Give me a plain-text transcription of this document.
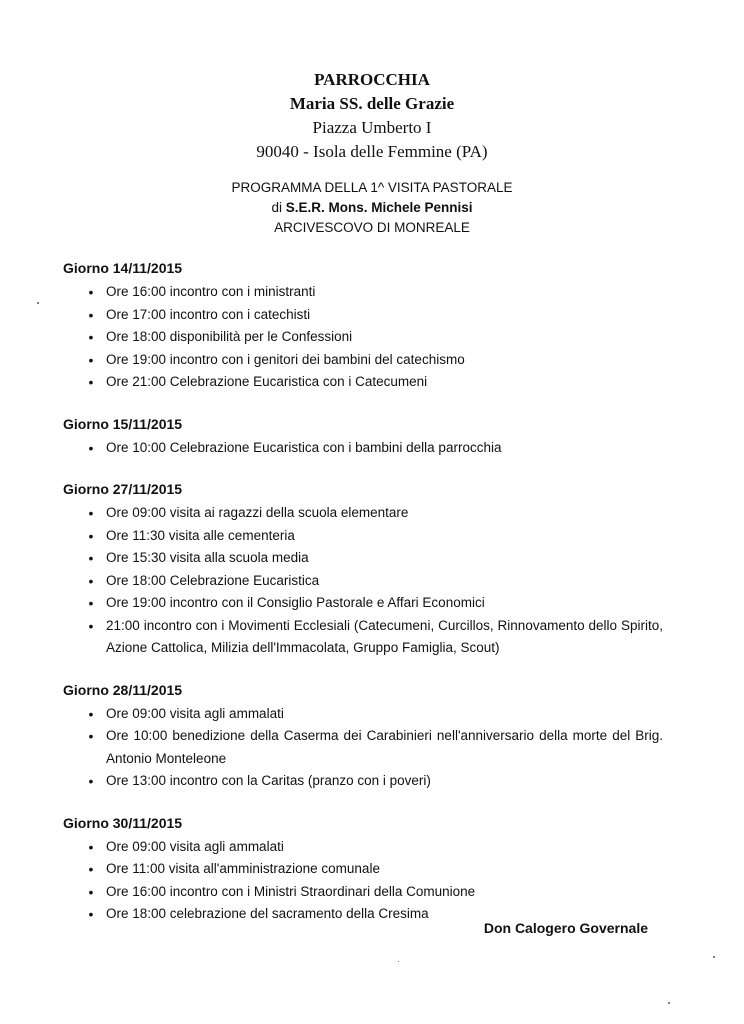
PARROCCHIA
Maria SS. delle Grazie
Piazza Umberto I
90040 - Isola delle Femmine (PA)
PROGRAMMA DELLA 1^ VISITA PASTORALE
di S.E.R. Mons. Michele Pennisi
ARCIVESCOVO DI MONREALE
Giorno 14/11/2015
• Ore 16:00 incontro con i ministranti
• Ore 17:00 incontro con i catechisti
• Ore 18:00 disponibilità per le Confessioni
• Ore 19:00 incontro con i genitori dei bambini del catechismo
• Ore 21:00 Celebrazione Eucaristica con i Catecumeni
Giorno 15/11/2015
• Ore 10:00 Celebrazione Eucaristica con i bambini della parrocchia
Giorno 27/11/2015
• Ore 09:00 visita ai ragazzi della scuola elementare
• Ore 11:30 visita alle cementeria
• Ore 15:30 visita alla scuola media
• Ore 18:00 Celebrazione Eucaristica
• Ore 19:00 incontro con il Consiglio Pastorale e Affari Economici
• 21:00 incontro con i Movimenti Ecclesiali (Catecumeni, Curcillos, Rinnovamento dello Spirito, Azione Cattolica, Milizia dell'Immacolata, Gruppo Famiglia, Scout)
Giorno 28/11/2015
• Ore 09:00 visita agli ammalati
• Ore 10:00 benedizione della Caserma dei Carabinieri nell'anniversario della morte del Brig. Antonio Monteleone
• Ore 13:00 incontro con la Caritas (pranzo con i poveri)
Giorno 30/11/2015
• Ore 09:00 visita agli ammalati
• Ore 11:00 visita all'amministrazione comunale
• Ore 16:00 incontro con i Ministri Straordinari della Comunione
• Ore 18:00 celebrazione del sacramento della Cresima
Don Calogero Governale
